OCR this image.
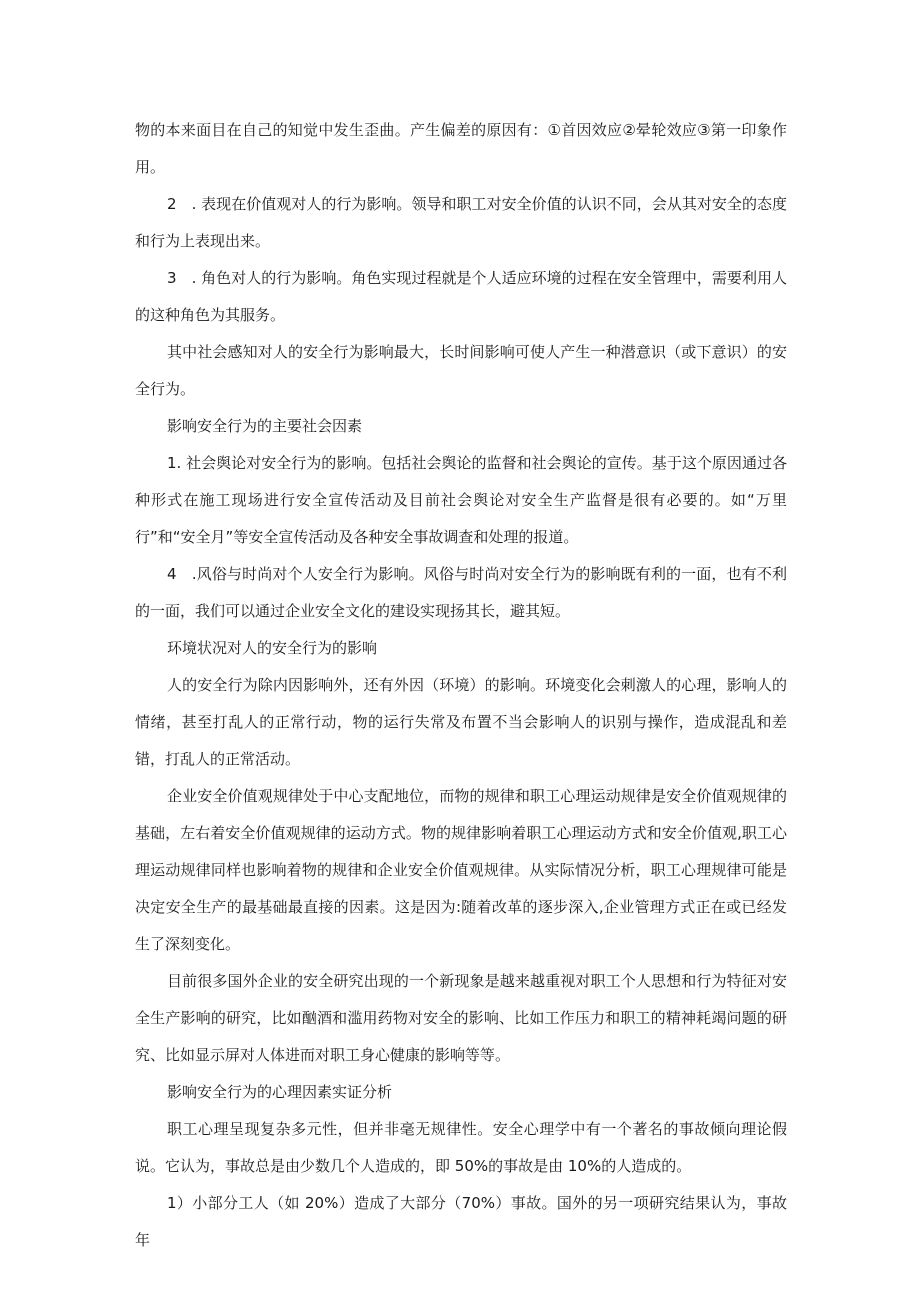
物的本来面目在自己的知觉中发生歪曲。产生偏差的原因有：①首因效应②晕轮效应③第一印象作用。

2　. 表现在价值观对人的行为影响。领导和职工对安全价值的认识不同，会从其对安全的态度和行为上表现出来。

3　. 角色对人的行为影响。角色实现过程就是个人适应环境的过程在安全管理中，需要利用人的这种角色为其服务。

其中社会感知对人的安全行为影响最大，长时间影响可使人产生一种潜意识（或下意识）的安全行为。

影响安全行为的主要社会因素

1. 社会舆论对安全行为的影响。包括社会舆论的监督和社会舆论的宣传。基于这个原因通过各种形式在施工现场进行安全宣传活动及目前社会舆论对安全生产监督是很有必要的。如“万里行”和“安全月”等安全宣传活动及各种安全事故调查和处理的报道。

4　.风俗与时尚对个人安全行为影响。风俗与时尚对安全行为的影响既有利的一面，也有不利的一面，我们可以通过企业安全文化的建设实现扬其长，避其短。

环境状况对人的安全行为的影响

人的安全行为除内因影响外，还有外因（环境）的影响。环境变化会刺激人的心理，影响人的情绪，甚至打乱人的正常行动，物的运行失常及布置不当会影响人的识别与操作，造成混乱和差错，打乱人的正常活动。

企业安全价值观规律处于中心支配地位，而物的规律和职工心理运动规律是安全价值观规律的基础，左右着安全价值观规律的运动方式。物的规律影响着职工心理运动方式和安全价值观,职工心理运动规律同样也影响着物的规律和企业安全价值观规律。从实际情况分析，职工心理规律可能是决定安全生产的最基础最直接的因素。这是因为:随着改革的逐步深入,企业管理方式正在或已经发生了深刻变化。

目前很多国外企业的安全研究出现的一个新现象是越来越重视对职工个人思想和行为特征对安全生产影响的研究，比如酗酒和滥用药物对安全的影响、比如工作压力和职工的精神耗竭问题的研究、比如显示屏对人体进而对职工身心健康的影响等等。

影响安全行为的心理因素实证分析

职工心理呈现复杂多元性，但并非毫无规律性。安全心理学中有一个著名的事故倾向理论假说。它认为，事故总是由少数几个人造成的，即 50%的事故是由 10%的人造成的。

1）小部分工人（如 20%）造成了大部分（70%）事故。国外的另一项研究结果认为，事故年
